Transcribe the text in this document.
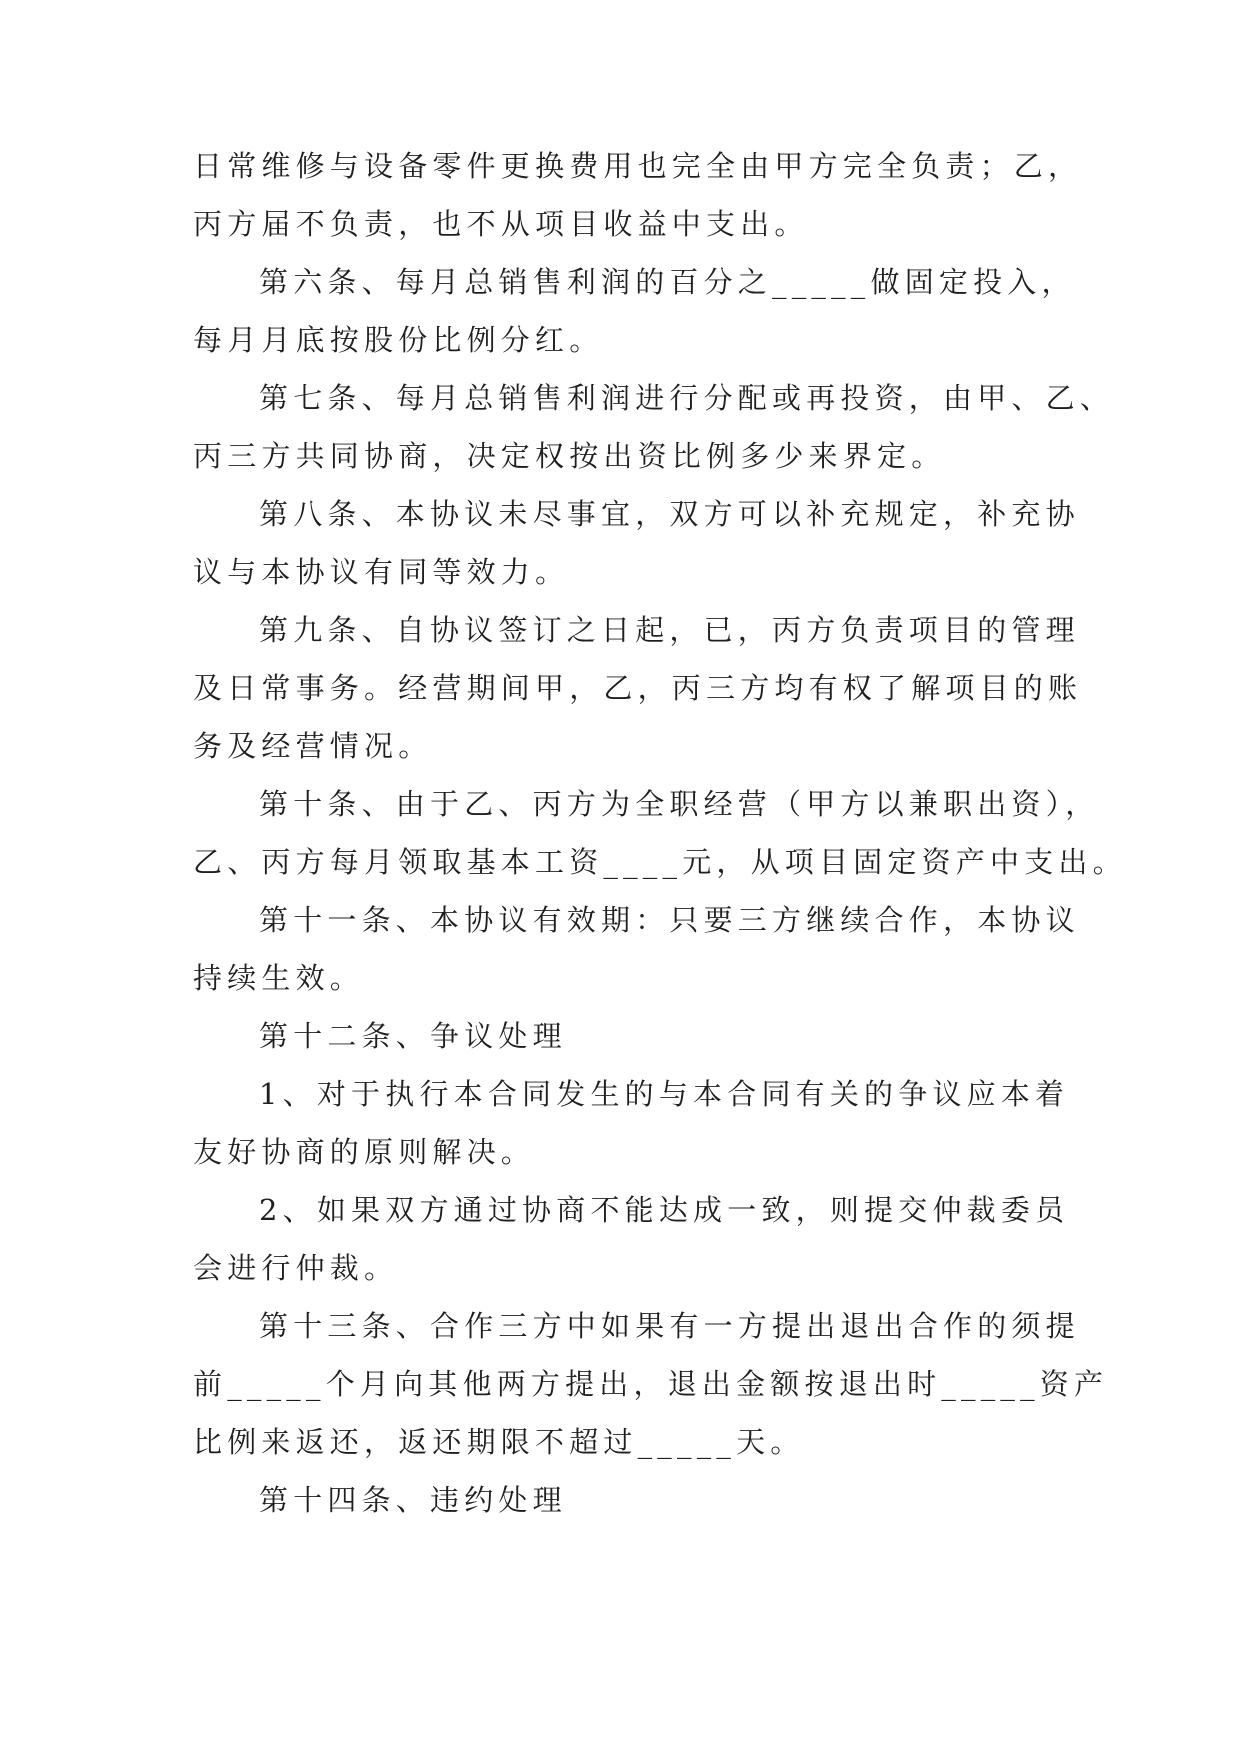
日常维修与设备零件更换费用也完全由甲方完全负责；乙，

丙方届不负责，也不从项目收益中支出。

第六条、每月总销售利润的百分之_____做固定投入，

每月月底按股份比例分红。

第七条、每月总销售利润进行分配或再投资，由甲、乙、

丙三方共同协商，决定权按出资比例多少来界定。

第八条、本协议未尽事宜，双方可以补充规定，补充协

议与本协议有同等效力。

第九条、自协议签订之日起，已，丙方负责项目的管理

及日常事务。经营期间甲，乙，丙三方均有权了解项目的账

务及经营情况。

第十条、由于乙、丙方为全职经营（甲方以兼职出资），

乙、丙方每月领取基本工资____元，从项目固定资产中支出。

第十一条、本协议有效期：只要三方继续合作，本协议

持续生效。

第十二条、争议处理

1、对于执行本合同发生的与本合同有关的争议应本着

友好协商的原则解决。

2、如果双方通过协商不能达成一致，则提交仲裁委员

会进行仲裁。

第十三条、合作三方中如果有一方提出退出合作的须提

前_____个月向其他两方提出，退出金额按退出时_____资产

比例来返还，返还期限不超过_____天。

第十四条、违约处理
